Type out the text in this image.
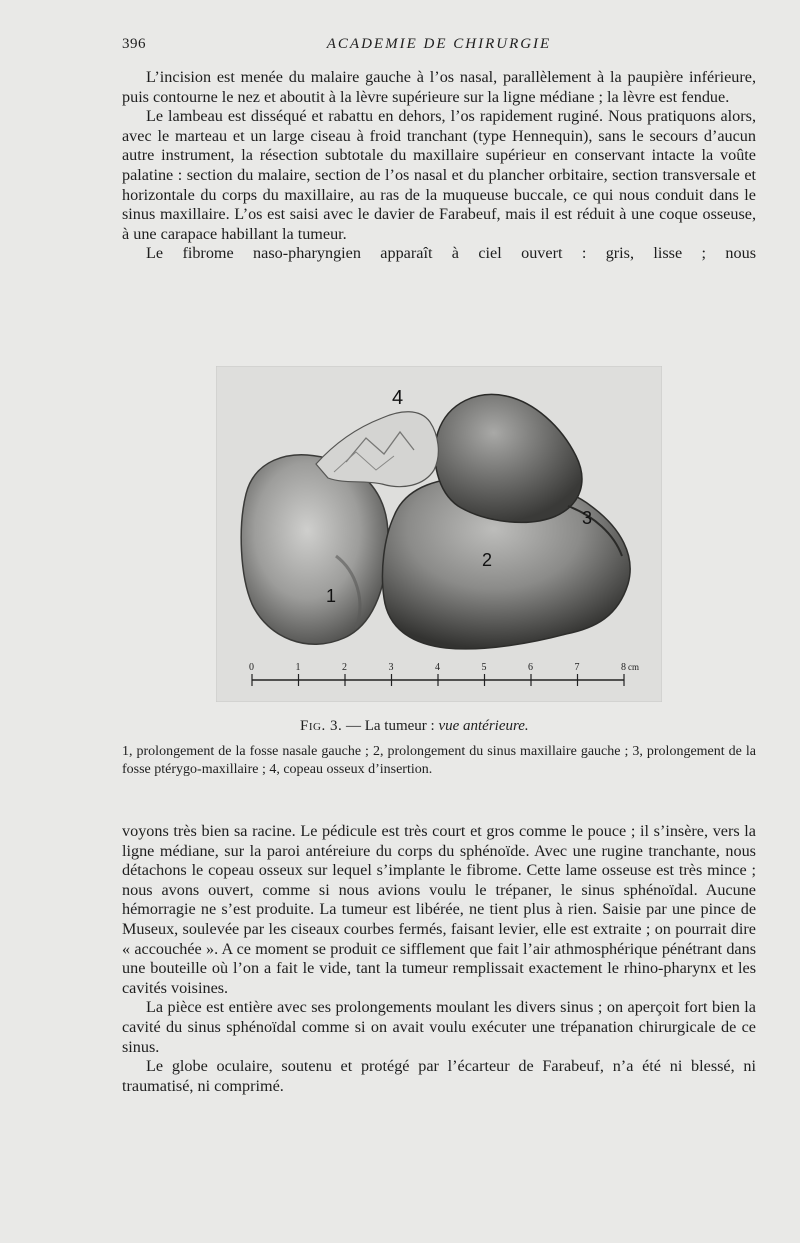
396	ACADEMIE DE CHIRURGIE

L’incision est menée du malaire gauche à l’os nasal, parallèlement à la paupière inférieure, puis contourne le nez et aboutit à la lèvre supérieure sur la ligne médiane ; la lèvre est fendue.

Le lambeau est disséqué et rabattu en dehors, l’os rapidement ruginé. Nous pratiquons alors, avec le marteau et un large ciseau à froid tranchant (type Hennequin), sans le secours d’aucun autre instrument, la résection subtotale du maxillaire supérieur en conservant intacte la voûte palatine : section du malaire, section de l’os nasal et du plancher orbitaire, section transversale et horizontale du corps du maxillaire, au ras de la muqueuse buccale, ce qui nous conduit dans le sinus maxillaire. L’os est saisi avec le davier de Farabeuf, mais il est réduit à une coque osseuse, à une carapace habillant la tumeur.

Le fibrome naso-pharyngien apparaît à ciel ouvert : gris, lisse ; nous

4
3
2
1
0	1	2	3	4	5	6	7	8 cm
Fig. 3. — La tumeur : vue antérieure.
1, prolongement de la fosse nasale gauche ; 2, prolongement du sinus maxillaire gauche ; 3, prolongement de la fosse ptérygo-maxillaire ; 4, copeau osseux d’insertion.

voyons très bien sa racine. Le pédicule est très court et gros comme le pouce ; il s’insère, vers la ligne médiane, sur la paroi antéreiure du corps du sphénoïde. Avec une rugine tranchante, nous détachons le copeau osseux sur lequel s’implante le fibrome. Cette lame osseuse est très mince ; nous avons ouvert, comme si nous avions voulu le trépaner, le sinus sphénoïdal. Aucune hémorragie ne s’est produite. La tumeur est libérée, ne tient plus à rien. Saisie par une pince de Museux, soulevée par les ciseaux courbes fermés, faisant levier, elle est extraite ; on pourrait dire « accouchée ». A ce moment se produit ce sifflement que fait l’air athmosphérique pénétrant dans une bouteille où l’on a fait le vide, tant la tumeur remplissait exactement le rhino-pharynx et les cavités voisines.

La pièce est entière avec ses prolongements moulant les divers sinus ; on aperçoit fort bien la cavité du sinus sphénoïdal comme si on avait voulu exécuter une trépanation chirurgicale de ce sinus.

Le globe oculaire, soutenu et protégé par l’écarteur de Farabeuf, n’a été ni blessé, ni traumatisé, ni comprimé.
